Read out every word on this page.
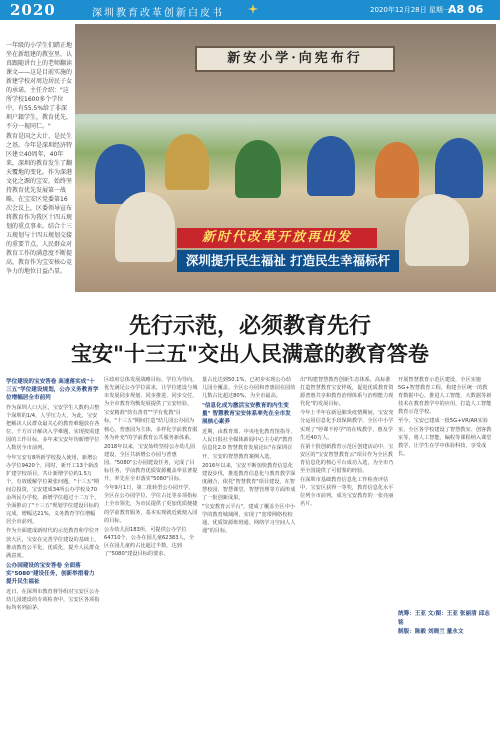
2020	深圳教育改革创新白皮书	2020年12月28日 星期一
A8 06

一年级的小学生们踏正地坐在新组建的教室里，认真跟随讲台上的老师翻读课文——这是目前实施的新建学校对周边居民子女的承诺。主任介绍："这所学校1600多个学位中，有55.5%给了非深圳户籍学生，教育优先，不分一视同仁。"

教育是国之大计、是民生之基。今年是深圳经济特区建立40周年，40年来，深圳的教育发生了翻天覆地的变化。作为深港文化之源的宝安，始终坚持教育优先发展第一战略，在宝安区党委第16次会议上，区委领导宣布将教育作为我区十四五规划的重点事业。结合十三五规划与十四五规划交接的重要节点，人民群众对教育工作的满意度不断提高，教育作为宝安核心竞争力的地位日益凸显。

新安小学·向宪布行
新时代改革开放再出发
深圳提升民生福祉 打造民生幸福标杆
先行示范，必须教育先行
宝安"十三五"交出人民满意的教育答卷
学位建设的宝安答卷 高速落实成"十三五"学位建设规划，公办义务教育学位增幅居全市前列

作为深圳人口大区，宝安学生人数约占整个深圳的1/4，人学压力大，为此，宝安把解决人民群众最关心的教育难题放在各位，千方百计解决入学难题，实现按需建园的工作目标，多年来宝安年均新增学位人数居全市前列。

今年宝安有8所新学校投入使用，新增公办学位9420个，同时，新开工13个新改扩建学校项目，共计新增学位约1.5万个，有效缓解学位紧张问题。"十三五"期间总投资，宝安建成34所公办学校及70余所民办学校，新增学位超过十二万个，全面推动了"十三五"规划学位建设目标的完成，增幅达21%，义务教育学位增幅居全市前列。

作为全面建成新时代的示范教育和学位开放大区，宝安在完善学位建设的基础上，推动教育公平化、优质化，提升人民群众满意度。

公办园建设的宝安答卷 全面落实"5080"建设任务，创新举措着力提升民生福祉

近日，在深圳市教育督导组对宝安区公办幼儿园建设的专项检查中，宝安区各项指标均名列前茅。

区政府总体发展战略目标，学位为导向，优先满足公办学位需求，让学位建设与城市发展同步规划、同步推进、同步交付，为全市教育均衡发展提供了宝安经验。

宝安精准"幼有善育""学有优教"目标，"十三五"期间打造"幼儿园公办园为核心，普惠园为主体，多样化学前教育服务为补充"的学前教育公共服务新体系。

2018年以来，宝安始终坚持公办幼儿园建设，全区共新增公办园与普惠园。"5080"公办园建设任务，完成了目标任务，学前教育优质资源覆盖率显著提升，率先在全市落实"5080"目标。

今年9月1日，第二批转型公办园开学，全区在公办园学位、学位占比等多项指标上全市领先，为市民提供了更加优质便捷的学前教育服务，基本实现就近就便入园的目标。

公办幼儿园183所，可提供公办学位64710个，公办在园儿童62383人，全区在园儿童约占比超过半数，达到了"5080"建设目标的要求。

量占比达到50.1%，已初步实现公办幼儿园全覆盖。全区公办园和普惠园在园幼儿数占比超过80%，为全市最高。

"信息化成为激活宝安教育的内生变量" 智慧教育宝安体系率先在全市发展核心素养

近期，由教育部、中央电化教育馆指导，人民日报社全媒体新闻中心主办的"教育信息化2.0 智慧教育发展论坛"在深圳召开，宝安的智慧教育案例入选。

2016年以来，宝安不断加快教育信息化建设步伐，推进教育信息化与教育教学深度融合，依托"智慧教育"项目建设，在智慧校园、智慧课堂、智慧管理等方面形成了一批创新成果。

"宝安教育云平台"，建成了覆盖全区中小学的教育城域网，实现了"宽带网络校校通、优质资源班班通、网络学习空间人人通"的目标。

出"构建智慧教育创新生态体系，高标准打造智慧教育宝安样板，促进优质教育资源普惠共享和教育治理体系与治理能力现代化"的发展目标。

今年上半年在新冠肺炎疫情期间，宝安充分运用信息化手段保障教学，全区中小学实现了"停课不停学"的在线教学，惠及学生近40万人。

在第十批创新教育示范区创建活动中，宝安区的"宝安智慧教育云"项目作为全区教育信息化的核心平台成功入选，为全市乃至全国提供了可借鉴的经验。

在深圳市基础教育信息化工作检查评估中，宝安区获得一等奖，教育信息化水平位列全市前列，成为宝安教育的一张亮丽名片。

开展智慧教育示范区建设，全区实施5G+智慧教育工程，构建全区统一的教育数据中心，推进人工智能、大数据等新技术在教育教学中的应用，打造人工智能教育示范学校。

至今，宝安已建成一批5G+VR/AR实验室，全区各学校建设了智慧教室、创客教室等，将人工智能、编程等课程纳入课堂教学，让学生在学中体验科技、享受成长。

统筹：王亚 文/图：王亚 张丽清 邱志铭
制版：陈毅 刘晓兰 董永文
